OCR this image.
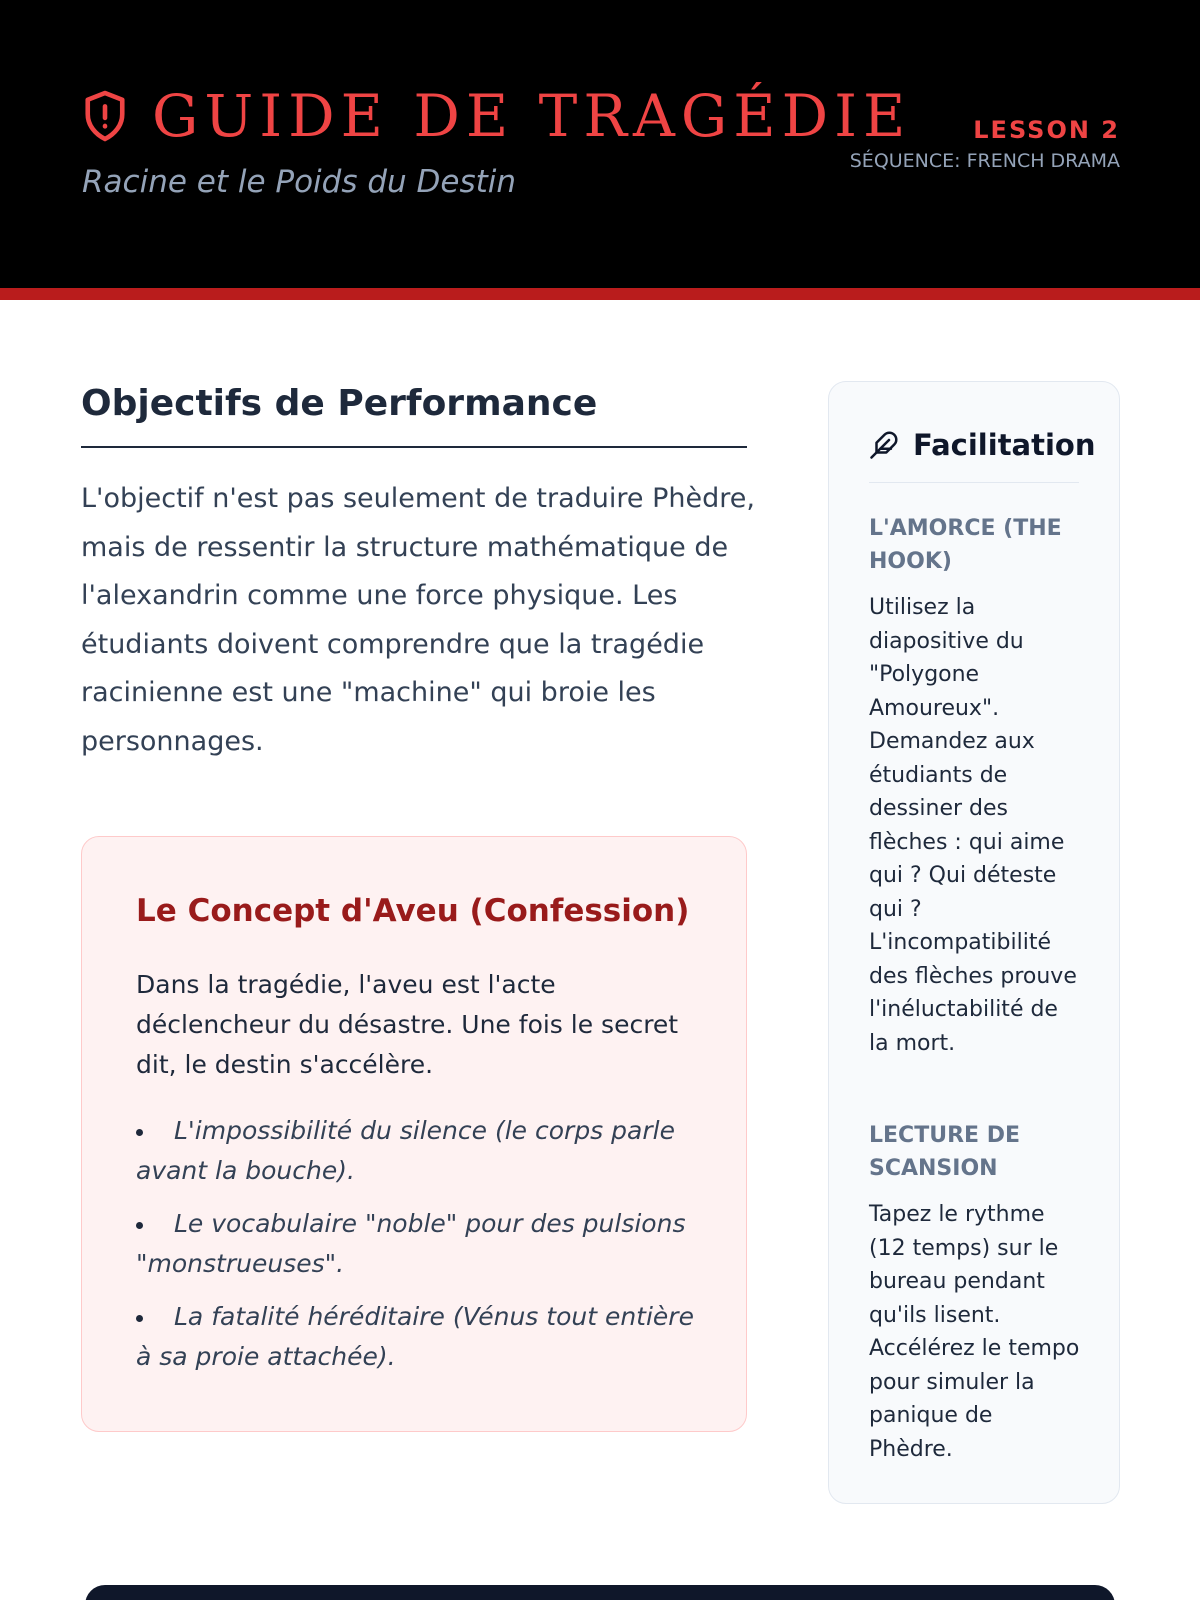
GUIDE DE TRAGÉDIE
Racine et le Poids du Destin
LESSON 2
SÉQUENCE: FRENCH DRAMA
Objectifs de Performance

L'objectif n'est pas seulement de traduire Phèdre, mais de ressentir la structure mathématique de l'alexandrin comme une force physique. Les étudiants doivent comprendre que la tragédie racinienne est une "machine" qui broie les personnages.

Le Concept d'Aveu (Confession)

Dans la tragédie, l'aveu est l'acte déclencheur du désastre. Une fois le secret dit, le destin s'accélère.

L'impossibilité du silence (le corps parle avant la bouche).
Le vocabulaire "noble" pour des pulsions "monstrueuses".
La fatalité héréditaire (Vénus tout entière à sa proie attachée).
Facilitation
L'AMORCE (THE HOOK)

Utilisez la diapositive du "Polygone Amoureux". Demandez aux étudiants de dessiner des flèches : qui aime qui ? Qui déteste qui ? L'incompatibilité des flèches prouve l'inéluctabilité de la mort.

LECTURE DE SCANSION

Tapez le rythme (12 temps) sur le bureau pendant qu'ils lisent. Accélérez le tempo pour simuler la panique de Phèdre.
